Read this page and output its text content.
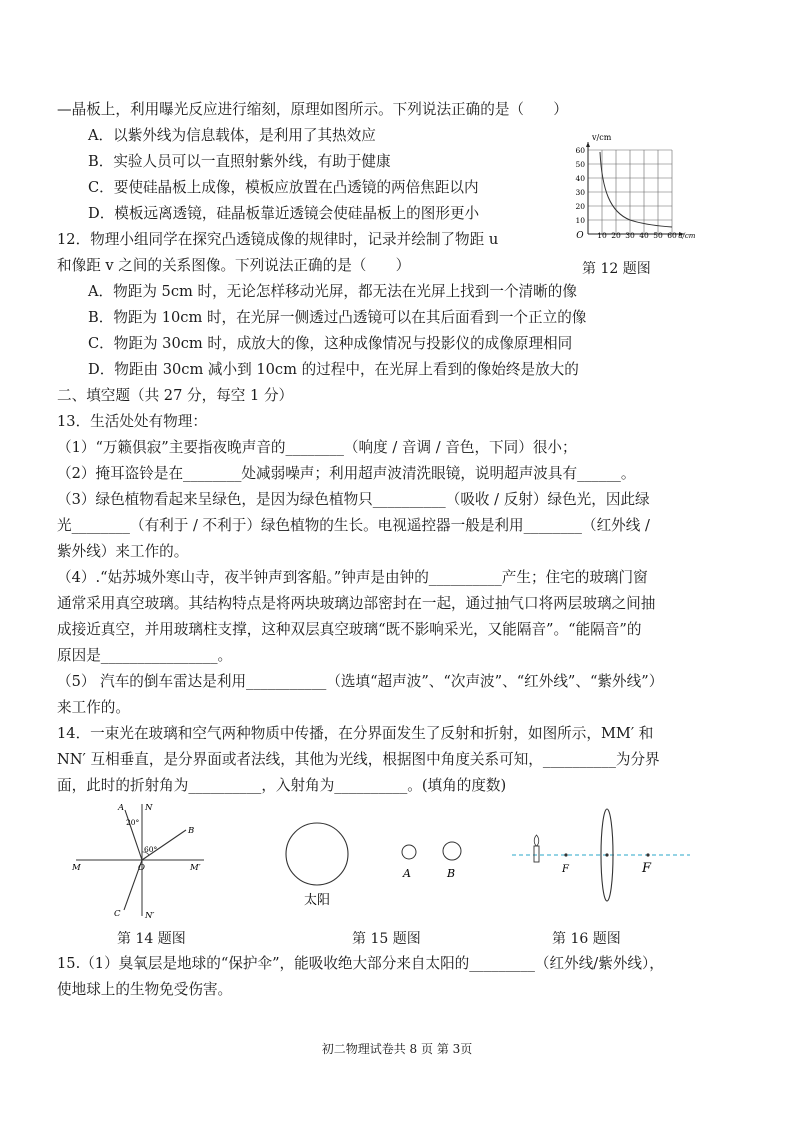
—晶板上，利用曝光反应进行缩刻，原理如图所示。下列说法正确的是（　　）
A．以紫外线为信息载体，是利用了其热效应
B．实验人员可以一直照射紫外线，有助于健康
C．要使硅晶板上成像，模板应放置在凸透镜的两倍焦距以内
D．模板远离透镜，硅晶板靠近透镜会使硅晶板上的图形更小
v/cm
60
50
40
30
20
10
O 10 20 30 40 50 60 u/cm
12．物理小组同学在探究凸透镜成像的规律时，记录并绘制了物距 u
和像距 v 之间的关系图像。下列说法正确的是（　　）	第 12 题图
A．物距为 5cm 时，无论怎样移动光屏，都无法在光屏上找到一个清晰的像
B．物距为 10cm 时，在光屏一侧透过凸透镜可以在其后面看到一个正立的像
C．物距为 30cm 时，成放大的像，这种成像情况与投影仪的成像原理相同
D．物距由 30cm 减小到 10cm 的过程中，在光屏上看到的像始终是放大的
二、填空题（共 27 分，每空 1 分）
13．生活处处有物理：
（1）“万籁俱寂”主要指夜晚声音的________（响度 / 音调 / 音色，下同）很小；
（2）掩耳盗铃是在________处减弱噪声；利用超声波清洗眼镜，说明超声波具有______。
（3）绿色植物看起来呈绿色，是因为绿色植物只__________（吸收 / 反射）绿色光，因此绿
光________（有利于 / 不利于）绿色植物的生长。电视遥控器一般是利用________（红外线 /
紫外线）来工作的。
（4）.“姑苏城外寒山寺，夜半钟声到客船。”钟声是由钟的__________产生；住宅的玻璃门窗
通常采用真空玻璃。其结构特点是将两块玻璃边部密封在一起，通过抽气口将两层玻璃之间抽
成接近真空，并用玻璃柱支撑，这种双层真空玻璃“既不影响采光，又能隔音”。“能隔音”的
原因是________________。
（5） 汽车的倒车雷达是利用___________（选填“超声波”、“次声波”、“红外线”、“紫外线”）
来工作的。
14．一束光在玻璃和空气两种物质中传播，在分界面发生了反射和折射，如图所示，MM′ 和
NN′ 互相垂直，是分界面或者法线，其他为光线，根据图中角度关系可知，__________为分界
面，此时的折射角为__________，入射角为__________。(填角的度数)
A N
B
M	O	M′
C	N′
20°
60°
第 14 题图
太阳
A	B
第 15 题图
F	F
第 16 题图
15.（1）臭氧层是地球的“保护伞”，能吸收绝大部分来自太阳的_________（红外线/紫外线），
使地球上的生物免受伤害。
初二物理试卷共 8 页 第 3页
